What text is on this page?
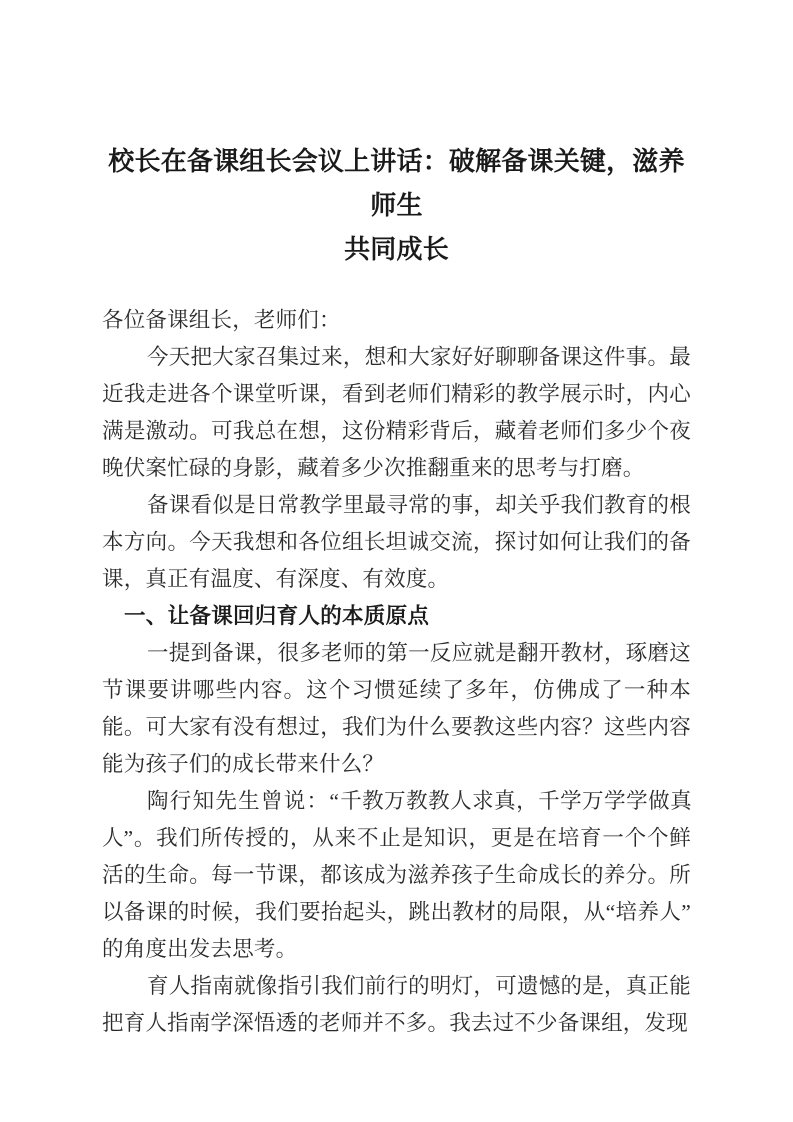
校长在备课组长会议上讲话：破解备课关键，滋养师生
共同成长

各位备课组长，老师们：

今天把大家召集过来，想和大家好好聊聊备课这件事。最近我走进各个课堂听课，看到老师们精彩的教学展示时，内心满是激动。可我总在想，这份精彩背后，藏着老师们多少个夜晚伏案忙碌的身影，藏着多少次推翻重来的思考与打磨。

备课看似是日常教学里最寻常的事，却关乎我们教育的根本方向。今天我想和各位组长坦诚交流，探讨如何让我们的备课，真正有温度、有深度、有效度。

一、让备课回归育人的本质原点

一提到备课，很多老师的第一反应就是翻开教材，琢磨这节课要讲哪些内容。这个习惯延续了多年，仿佛成了一种本能。可大家有没有想过，我们为什么要教这些内容？这些内容能为孩子们的成长带来什么？

陶行知先生曾说：“千教万教教人求真，千学万学学做真人”。我们所传授的，从来不止是知识，更是在培育一个个鲜活的生命。每一节课，都该成为滋养孩子生命成长的养分。所以备课的时候，我们要抬起头，跳出教材的局限，从“培养人”的角度出发去思考。

育人指南就像指引我们前行的明灯，可遗憾的是，真正能把育人指南学深悟透的老师并不多。我去过不少备课组，发现
